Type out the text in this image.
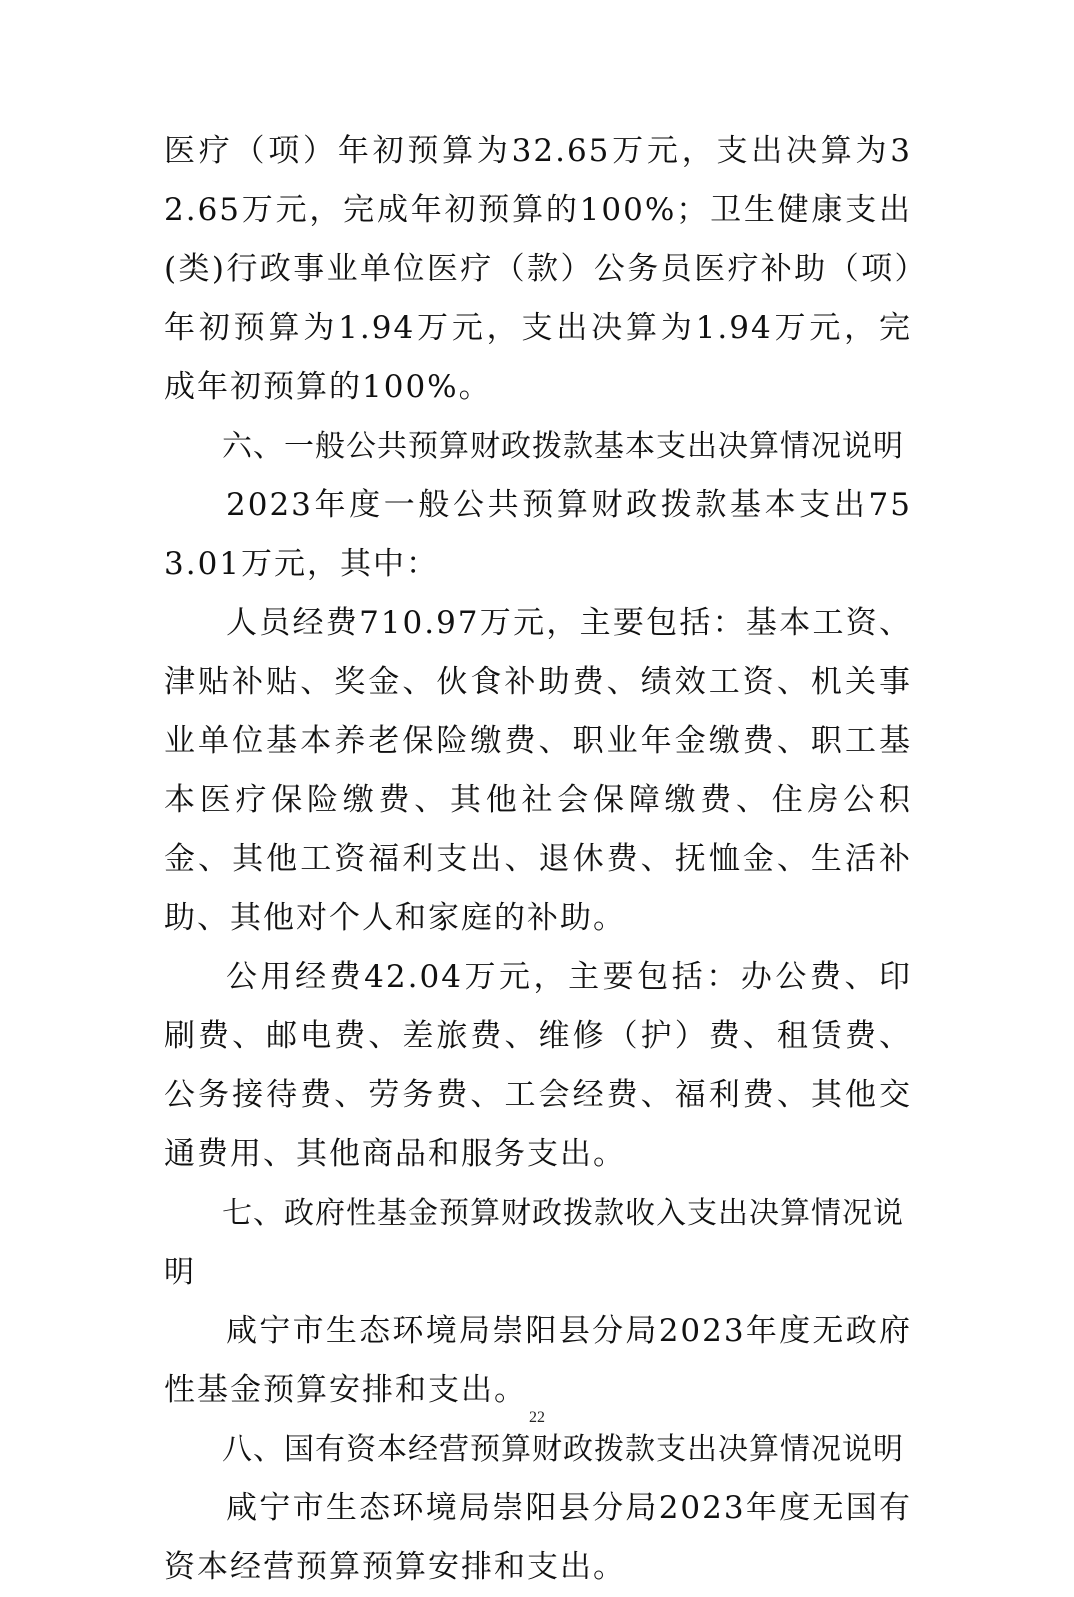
医疗（项）年初预算为32.65万元，支出决算为32.65万元，完成年初预算的100%；卫生健康支出(类)行政事业单位医疗（款）公务员医疗补助（项）年初预算为1.94万元，支出决算为1.94万元，完成年初预算的100%。

六、一般公共预算财政拨款基本支出决算情况说明

2023年度一般公共预算财政拨款基本支出753.01万元，其中：

人员经费710.97万元，主要包括：基本工资、津贴补贴、奖金、伙食补助费、绩效工资、机关事业单位基本养老保险缴费、职业年金缴费、职工基本医疗保险缴费、其他社会保障缴费、住房公积金、其他工资福利支出、退休费、抚恤金、生活补助、其他对个人和家庭的补助。

公用经费42.04万元，主要包括：办公费、印刷费、邮电费、差旅费、维修（护）费、租赁费、公务接待费、劳务费、工会经费、福利费、其他交通费用、其他商品和服务支出。

七、政府性基金预算财政拨款收入支出决算情况说明

咸宁市生态环境局崇阳县分局2023年度无政府性基金预算安排和支出。

八、国有资本经营预算财政拨款支出决算情况说明

咸宁市生态环境局崇阳县分局2023年度无国有资本经营预算预算安排和支出。

22
